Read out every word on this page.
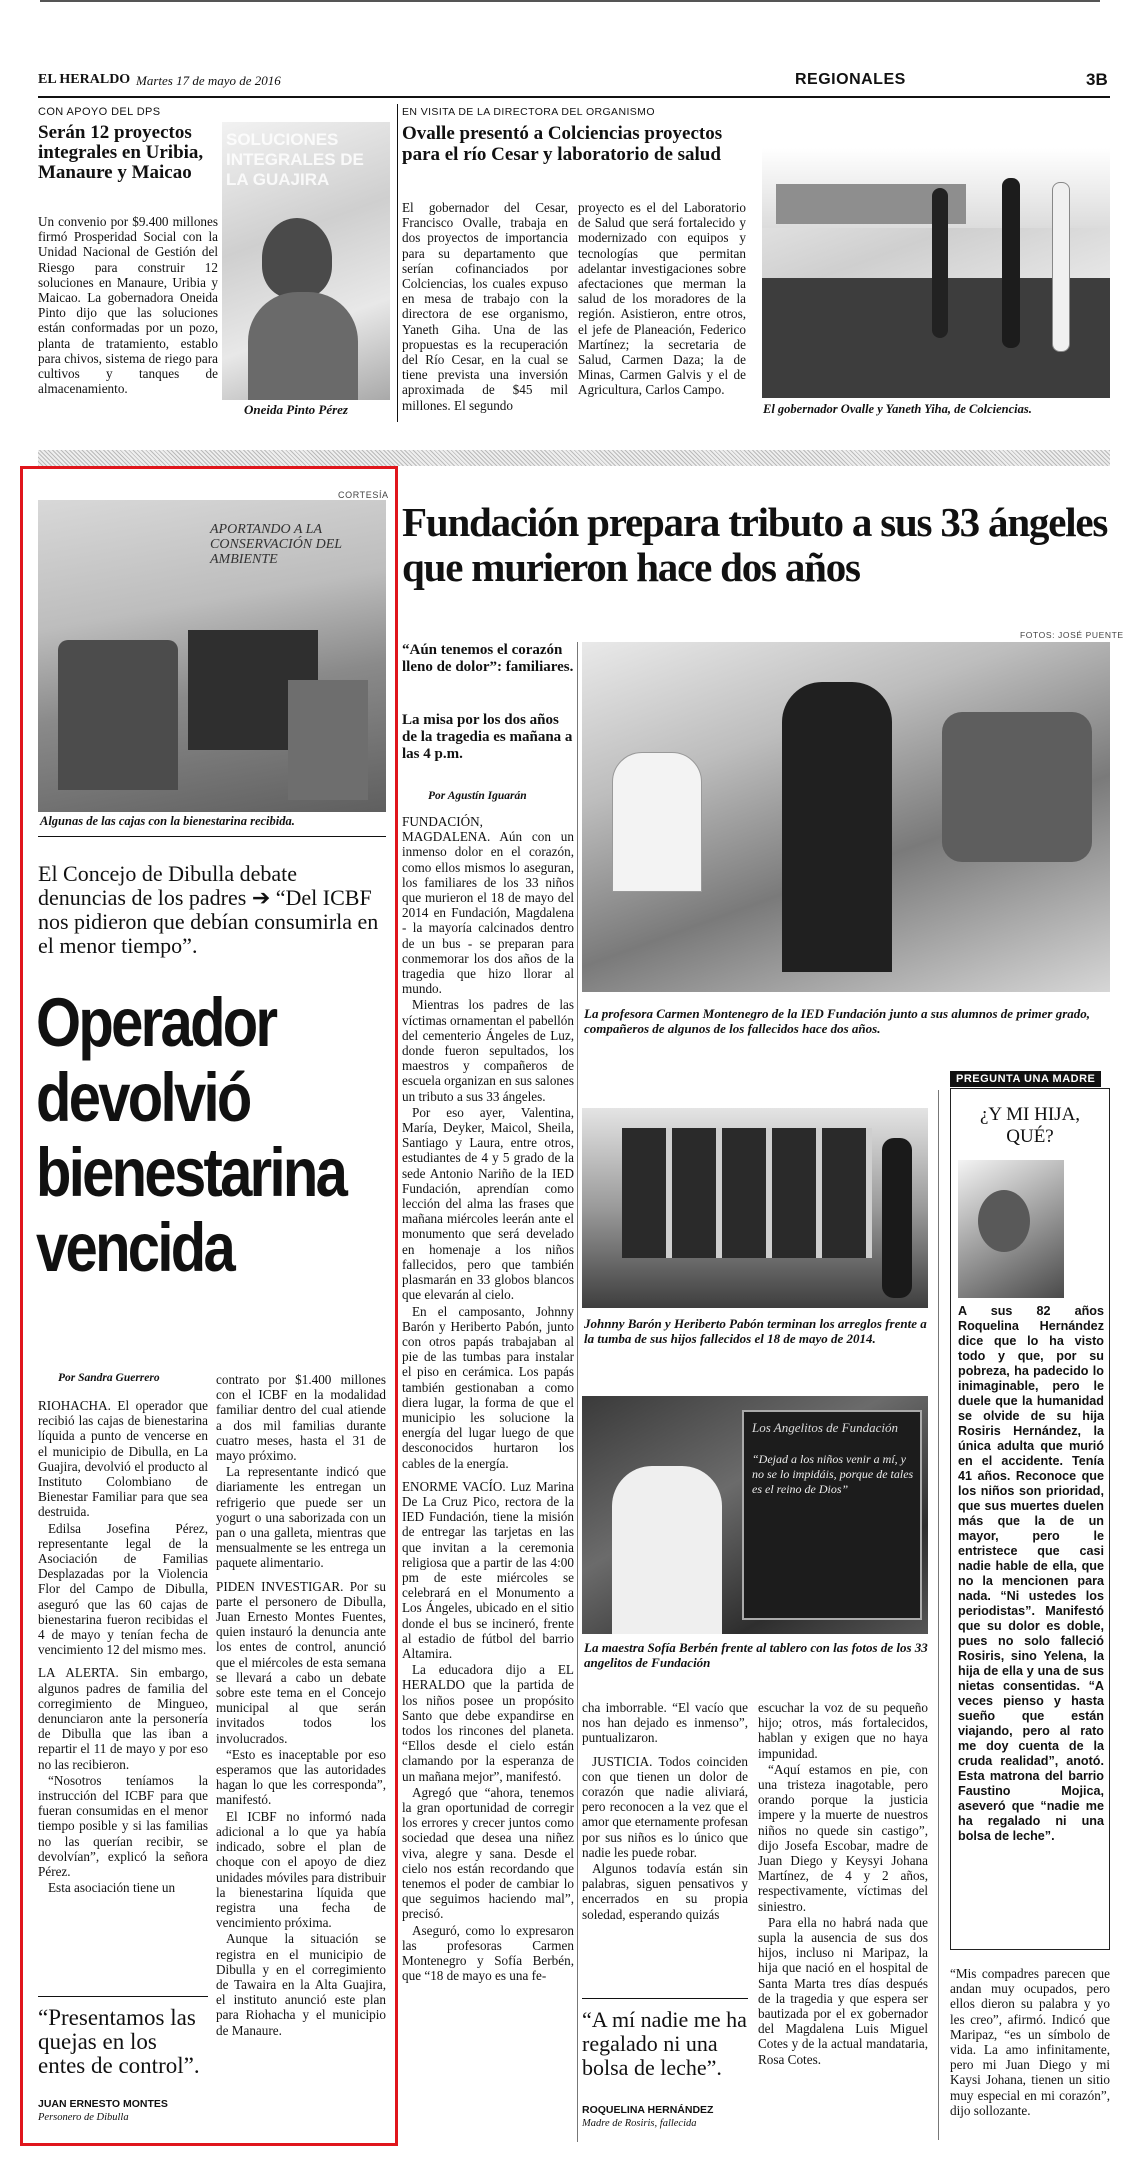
EL HERALDO Martes 17 de mayo de 2016	REGIONALES	3B
CON APOYO DEL DPS
Serán 12 proyectos integrales en Uribia, Manaure y Maicao
Un convenio por $9.400 millones firmó Prosperidad Social con la Unidad Nacional de Gestión del Riesgo para construir 12 soluciones en Manaure, Uribia y Maicao. La gobernadora Oneida Pinto dijo que las soluciones están conformadas por un pozo, planta de tratamiento, establo para chivos, sistema de riego para cultivos y tanques de almacenamiento.
SOLUCIONES INTEGRALES DE LA GUAJIRA
Oneida Pinto Pérez
EN VISITA DE LA DIRECTORA DEL ORGANISMO
Ovalle presentó a Colciencias proyectos para el río Cesar y laboratorio de salud
El gobernador del Cesar, Francisco Ovalle, trabaja en dos proyectos de importancia para su departamento que serían cofinanciados por Colciencias, los cuales expuso en mesa de trabajo con la directora de ese organismo, Yaneth Giha. Una de las propuestas es la recuperación del Río Cesar, en la cual se tiene prevista una inversión aproximada de $45 mil millones. El segundo
proyecto es el del Laboratorio de Salud que será fortalecido y modernizado con equipos y tecnologías que permitan adelantar investigaciones sobre afectaciones que merman la salud de los moradores de la región. Asistieron, entre otros, el jefe de Planeación, Federico Martínez; la secretaria de Salud, Carmen Daza; la de Minas, Carmen Galvis y el de Agricultura, Carlos Campo.
El gobernador Ovalle y Yaneth Yiha, de Colciencias.
CORTESÍA
APORTANDO A LA CONSERVACIÓN DEL AMBIENTE
Algunas de las cajas con la bienestarina recibida.
El Concejo de Dibulla debate denuncias de los padres ➔ “Del ICBF nos pidieron que debían consumirla en el menor tiempo”.
Operador devolvió bienestarina vencida
Por Sandra Guerrero

RIOHACHA. El operador que recibió las cajas de bienestarina líquida a punto de vencerse en el municipio de Dibulla, en La Guajira, devolvió el producto al Instituto Colombiano de Bienestar Familiar para que sea destruida.

Edilsa Josefina Pérez, representante legal de la Asociación de Familias Desplazadas por la Violencia Flor del Campo de Dibulla, aseguró que las 60 cajas de bienestarina fueron recibidas el 4 de mayo y tenían fecha de vencimiento 12 del mismo mes.

LA ALERTA. Sin embargo, algunos padres de familia del corregimiento de Mingueo, denunciaron ante la personería de Dibulla que las iban a repartir el 11 de mayo y por eso no las recibieron.

“Nosotros teníamos la instrucción del ICBF para que fueran consumidas en el menor tiempo posible y si las familias no las querían recibir, se devolvían”, explicó la señora Pérez.

Esta asociación tiene un

contrato por $1.400 millones con el ICBF en la modalidad familiar dentro del cual atiende a dos mil familias durante cuatro meses, hasta el 31 de mayo próximo.

La representante indicó que diariamente les entregan un refrigerio que puede ser un yogurt o una saborizada con un pan o una galleta, mientras que mensualmente se les entrega un paquete alimentario.

PIDEN INVESTIGAR. Por su parte el personero de Dibulla, Juan Ernesto Montes Fuentes, quien instauró la denuncia ante los entes de control, anunció que el miércoles de esta semana se llevará a cabo un debate sobre este tema en el Concejo municipal al que serán invitados todos los involucrados.

“Esto es inaceptable por eso esperamos que las autoridades hagan lo que les corresponda”, manifestó.

El ICBF no informó nada adicional a lo que ya había indicado, sobre el plan de choque con el apoyo de diez unidades móviles para distribuir la bienestarina líquida que registra una fecha de vencimiento próxima.

Aunque la situación se registra en el municipio de Dibulla y en el corregimiento de Tawaira en la Alta Guajira, el instituto anunció este plan para Riohacha y el municipio de Manaure.

“Presentamos las quejas en los entes de control”.
JUAN ERNESTO MONTES
Personero de Dibulla
Fundación prepara tributo a sus 33 ángeles que murieron hace dos años
FOTOS: JOSÉ PUENTE
“Aún tenemos el corazón lleno de dolor”: familiares.
La misa por los dos años de la tragedia es mañana a las 4 p.m.
Por Agustín Iguarán

FUNDACIÓN, MAGDALENA. Aún con un inmenso dolor en el corazón, como ellos mismos lo aseguran, los familiares de los 33 niños que murieron el 18 de mayo del 2014 en Fundación, Magdalena - la mayoría calcinados dentro de un bus - se preparan para conmemorar los dos años de la tragedia que hizo llorar al mundo.

Mientras los padres de las víctimas ornamentan el pabellón del cementerio Ángeles de Luz, donde fueron sepultados, los maestros y compañeros de escuela organizan en sus salones un tributo a sus 33 ángeles.

Por eso ayer, Valentina, María, Deyker, Maicol, Sheila, Santiago y Laura, entre otros, estudiantes de 4 y 5 grado de la sede Antonio Nariño de la IED Fundación, aprendían como lección del alma las frases que mañana miércoles leerán ante el monumento que será develado en homenaje a los niños fallecidos, pero que también plasmarán en 33 globos blancos que elevarán al cielo.

En el camposanto, Johnny Barón y Heriberto Pabón, junto con otros papás trabajaban al pie de las tumbas para instalar el piso en cerámica. Los papás también gestionaban a como diera lugar, la forma de que el municipio les solucione la energía del lugar luego de que desconocidos hurtaron los cables de la energía.

ENORME VACÍO. Luz Marina De La Cruz Pico, rectora de la IED Fundación, tiene la misión de entregar las tarjetas en las que invitan a la ceremonia religiosa que a partir de las 4:00 pm de este miércoles se celebrará en el Monumento a Los Ángeles, ubicado en el sitio donde el bus se incineró, frente al estadio de fútbol del barrio Altamira.

La educadora dijo a EL HERALDO que la partida de los niños posee un propósito Santo que debe expandirse en todos los rincones del planeta. “Ellos desde el cielo están clamando por la esperanza de un mañana mejor”, manifestó.

Agregó que “ahora, tenemos la gran oportunidad de corregir los errores y crecer juntos como sociedad que desea una niñez viva, alegre y sana. Desde el cielo nos están recordando que tenemos el poder de cambiar lo que seguimos haciendo mal”, precisó.

Aseguró, como lo expresaron las profesoras Carmen Montenegro y Sofía Berbén, que “18 de mayo es una fe-

La profesora Carmen Montenegro de la IED Fundación junto a sus alumnos de primer grado, compañeros de algunos de los fallecidos hace dos años.
Johnny Barón y Heriberto Pabón terminan los arreglos frente a la tumba de sus hijos fallecidos el 18 de mayo de 2014.
Los Angelitos de Fundación
“Dejad a los niños venir a mí, y no se lo impidáis, porque de tales es el reino de Dios”
La maestra Sofía Berbén frente al tablero con las fotos de los 33 angelitos de Fundación

cha imborrable. “El vacío que nos han dejado es inmenso”, puntualizaron.

JUSTICIA. Todos coinciden con que tienen un dolor de corazón que nadie aliviará, pero reconocen a la vez que el amor que eternamente profesan por sus niños es lo único que nadie les puede robar.

Algunos todavía están sin palabras, siguen pensativos y encerrados en su propia soledad, esperando quizás

“A mí nadie me ha regalado ni una bolsa de leche”.
ROQUELINA HERNÁNDEZ
Madre de Rosiris, fallecida

escuchar la voz de su pequeño hijo; otros, más fortalecidos, hablan y exigen que no haya impunidad.

“Aquí estamos en pie, con una tristeza inagotable, pero orando porque la justicia impere y la muerte de nuestros niños no quede sin castigo”, dijo Josefa Escobar, madre de Juan Diego y Keysyi Johana Martínez, de 4 y 2 años, respectivamente, víctimas del siniestro.

Para ella no habrá nada que supla la ausencia de sus dos hijos, incluso ni Maripaz, la hija que nació en el hospital de Santa Marta tres días después de la tragedia y que espera ser bautizada por el ex gobernador del Magdalena Luis Miguel Cotes y de la actual mandataria, Rosa Cotes.

PREGUNTA UNA MADRE
¿Y MI HIJA, QUÉ?
A sus 82 años Roquelina Hernández dice que lo ha visto todo y que, por su pobreza, ha padecido lo inimaginable, pero le duele que la humanidad se olvide de su hija Rosiris Hernández, la única adulta que murió en el accidente. Tenía 41 años. Reconoce que los niños son prioridad, que sus muertes duelen más que la de un mayor, pero le entristece que casi nadie hable de ella, que no la mencionen para nada. “Ni ustedes los periodistas”. Manifestó que su dolor es doble, pues no solo falleció Rosiris, sino Yelena, la hija de ella y una de sus nietas consentidas. “A veces pienso y hasta sueño que están viajando, pero al rato me doy cuenta de la cruda realidad”, anotó. Esta matrona del barrio Faustino Mojica, aseveró que “nadie me ha regalado ni una bolsa de leche”.
“Mis compadres parecen que andan muy ocupados, pero ellos dieron su palabra y yo les creo”, afirmó. Indicó que Maripaz, “es un símbolo de vida. La amo infinitamente, pero mi Juan Diego y mi Kaysi Johana, tienen un sitio muy especial en mi corazón”, dijo sollozante.
